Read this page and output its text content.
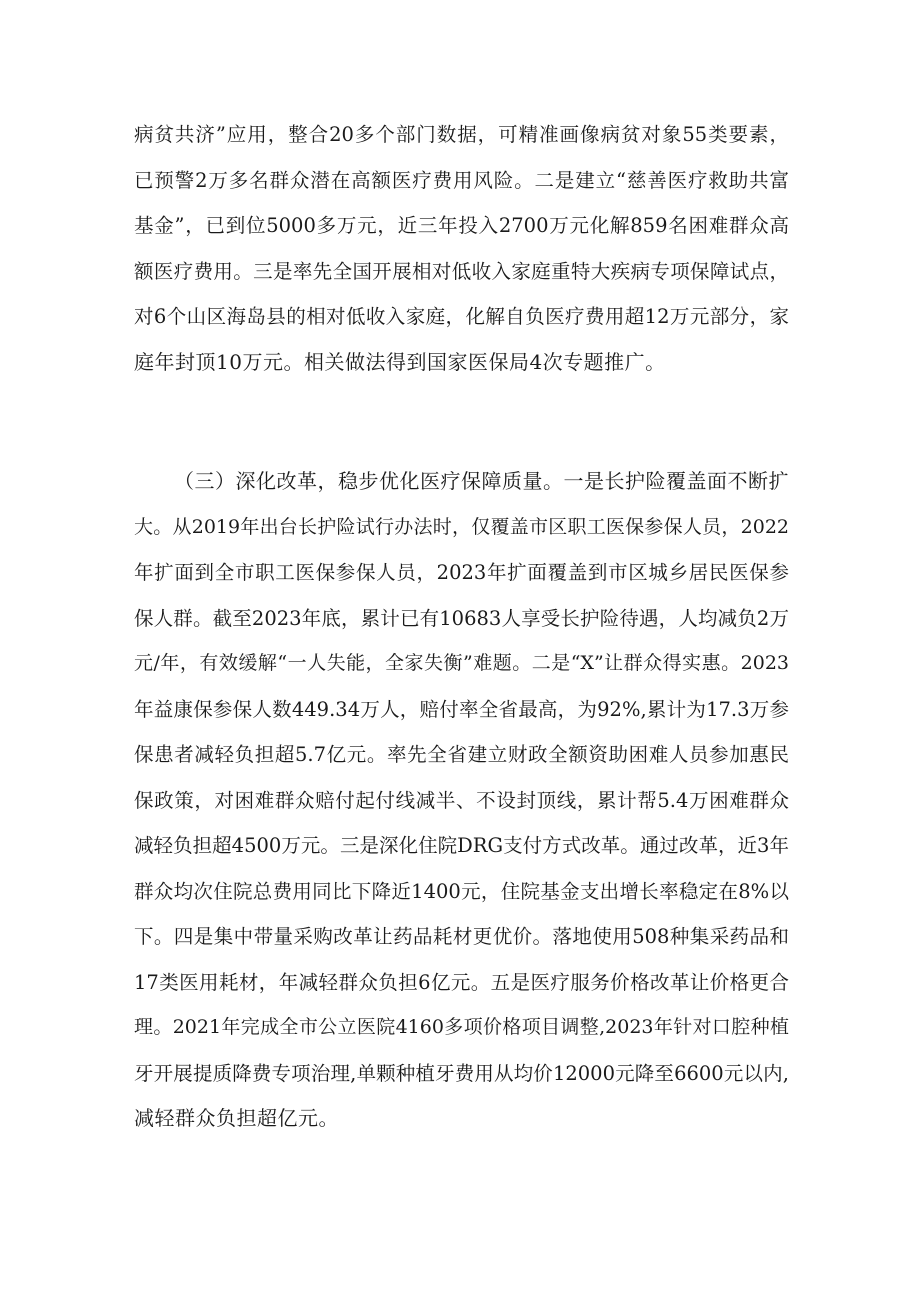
病贫共济”应用，整合20多个部门数据，可精准画像病贫对象55类要素，
已预警2万多名群众潜在高额医疗费用风险。二是建立“慈善医疗救助共富
基金”，已到位5000多万元，近三年投入2700万元化解859名困难群众高
额医疗费用。三是率先全国开展相对低收入家庭重特大疾病专项保障试点，
对6个山区海岛县的相对低收入家庭，化解自负医疗费用超12万元部分，家
庭年封顶10万元。相关做法得到国家医保局4次专题推广。
（三）深化改革，稳步优化医疗保障质量。一是长护险覆盖面不断扩
大。从2019年出台长护险试行办法时，仅覆盖市区职工医保参保人员，2022
年扩面到全市职工医保参保人员，2023年扩面覆盖到市区城乡居民医保参
保人群。截至2023年底，累计已有10683人享受长护险待遇，人均减负2万
元/年，有效缓解“一人失能，全家失衡”难题。二是“X”让群众得实惠。2023
年益康保参保人数449.34万人，赔付率全省最高，为92%,累计为17.3万参
保患者减轻负担超5.7亿元。率先全省建立财政全额资助困难人员参加惠民
保政策，对困难群众赔付起付线减半、不设封顶线，累计帮5.4万困难群众
减轻负担超4500万元。三是深化住院DRG支付方式改革。通过改革，近3年
群众均次住院总费用同比下降近1400元，住院基金支出增长率稳定在8%以
下。四是集中带量采购改革让药品耗材更优价。落地使用508种集采药品和
17类医用耗材，年减轻群众负担6亿元。五是医疗服务价格改革让价格更合
理。2021年完成全市公立医院4160多项价格项目调整,2023年针对口腔种植
牙开展提质降费专项治理,单颗种植牙费用从均价12000元降至6600元以内,
减轻群众负担超亿元。
